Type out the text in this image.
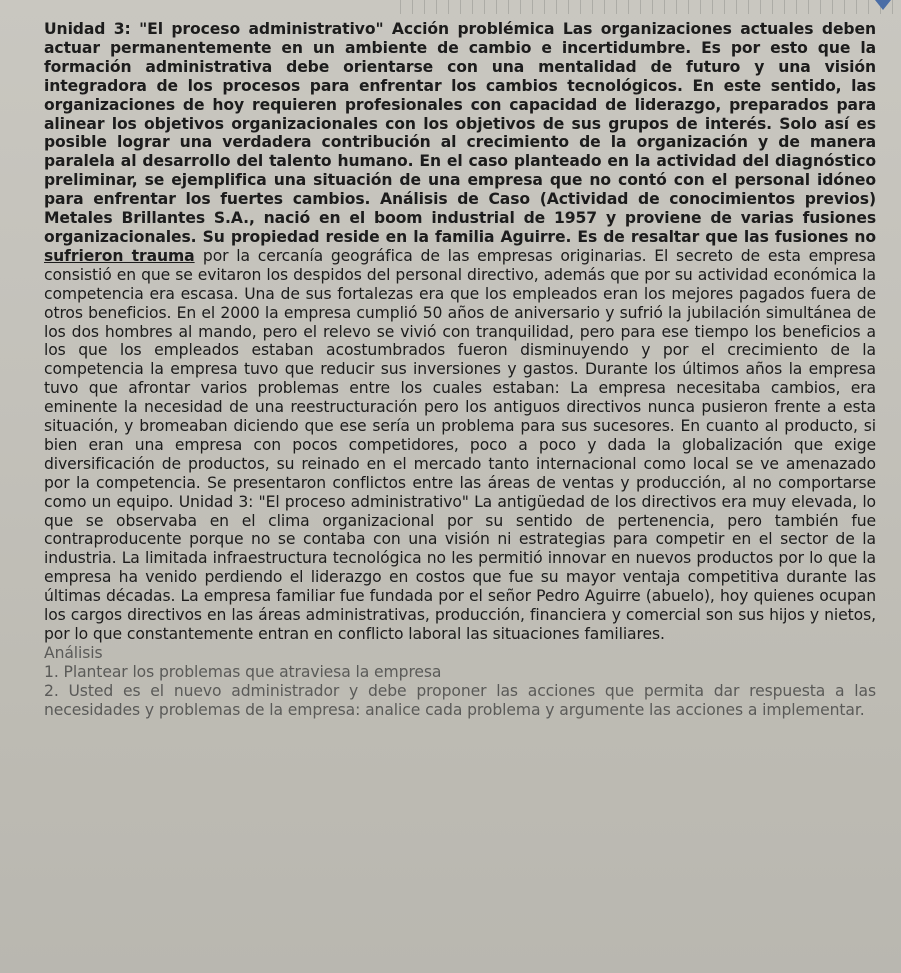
Unidad 3: "El proceso administrativo" Acción problémica Las organizaciones actuales deben actuar permanentemente en un ambiente de cambio e incertidumbre. Es por esto que la formación administrativa debe orientarse con una mentalidad de futuro y una visión integradora de los procesos para enfrentar los cambios tecnológicos. En este sentido, las organizaciones de hoy requieren profesionales con capacidad de liderazgo, preparados para alinear los objetivos organizacionales con los objetivos de sus grupos de interés. Solo así es posible lograr una verdadera contribución al crecimiento de la organización y de manera paralela al desarrollo del talento humano. En el caso planteado en la actividad del diagnóstico preliminar, se ejemplifica una situación de una empresa que no contó con el personal idóneo para enfrentar los fuertes cambios. Análisis de Caso (Actividad de conocimientos previos) Metales Brillantes S.A., nació en el boom industrial de 1957 y proviene de varias fusiones organizacionales. Su propiedad reside en la familia Aguirre. Es de resaltar que las fusiones no sufrieron trauma por la cercanía geográfica de las empresas originarias. El secreto de esta empresa consistió en que se evitaron los despidos del personal directivo, además que por su actividad económica la competencia era escasa. Una de sus fortalezas era que los empleados eran los mejores pagados fuera de otros beneficios. En el 2000 la empresa cumplió 50 años de aniversario y sufrió la jubilación simultánea de los dos hombres al mando, pero el relevo se vivió con tranquilidad, pero para ese tiempo los beneficios a los que los empleados estaban acostumbrados fueron disminuyendo y por el crecimiento de la competencia la empresa tuvo que reducir sus inversiones y gastos. Durante los últimos años la empresa tuvo que afrontar varios problemas entre los cuales estaban: La empresa necesitaba cambios, era eminente la necesidad de una reestructuración pero los antiguos directivos nunca pusieron frente a esta situación, y bromeaban diciendo que ese sería un problema para sus sucesores. En cuanto al producto, si bien eran una empresa con pocos competidores, poco a poco y dada la globalización que exige diversificación de productos, su reinado en el mercado tanto internacional como local se ve amenazado por la competencia. Se presentaron conflictos entre las áreas de ventas y producción, al no comportarse como un equipo. Unidad 3: "El proceso administrativo" La antigüedad de los directivos era muy elevada, lo que se observaba en el clima organizacional por su sentido de pertenencia, pero también fue contraproducente porque no se contaba con una visión ni estrategias para competir en el sector de la industria. La limitada infraestructura tecnológica no les permitió innovar en nuevos productos por lo que la empresa ha venido perdiendo el liderazgo en costos que fue su mayor ventaja competitiva durante las últimas décadas. La empresa familiar fue fundada por el señor Pedro Aguirre (abuelo), hoy quienes ocupan los cargos directivos en las áreas administrativas, producción, financiera y comercial son sus hijos y nietos, por lo que constantemente entran en conflicto laboral las situaciones familiares.

Análisis

1. Plantear los problemas que atraviesa la empresa

2. Usted es el nuevo administrador y debe proponer las acciones que permita dar respuesta a las necesidades y problemas de la empresa: analice cada problema y argumente las acciones a implementar.
